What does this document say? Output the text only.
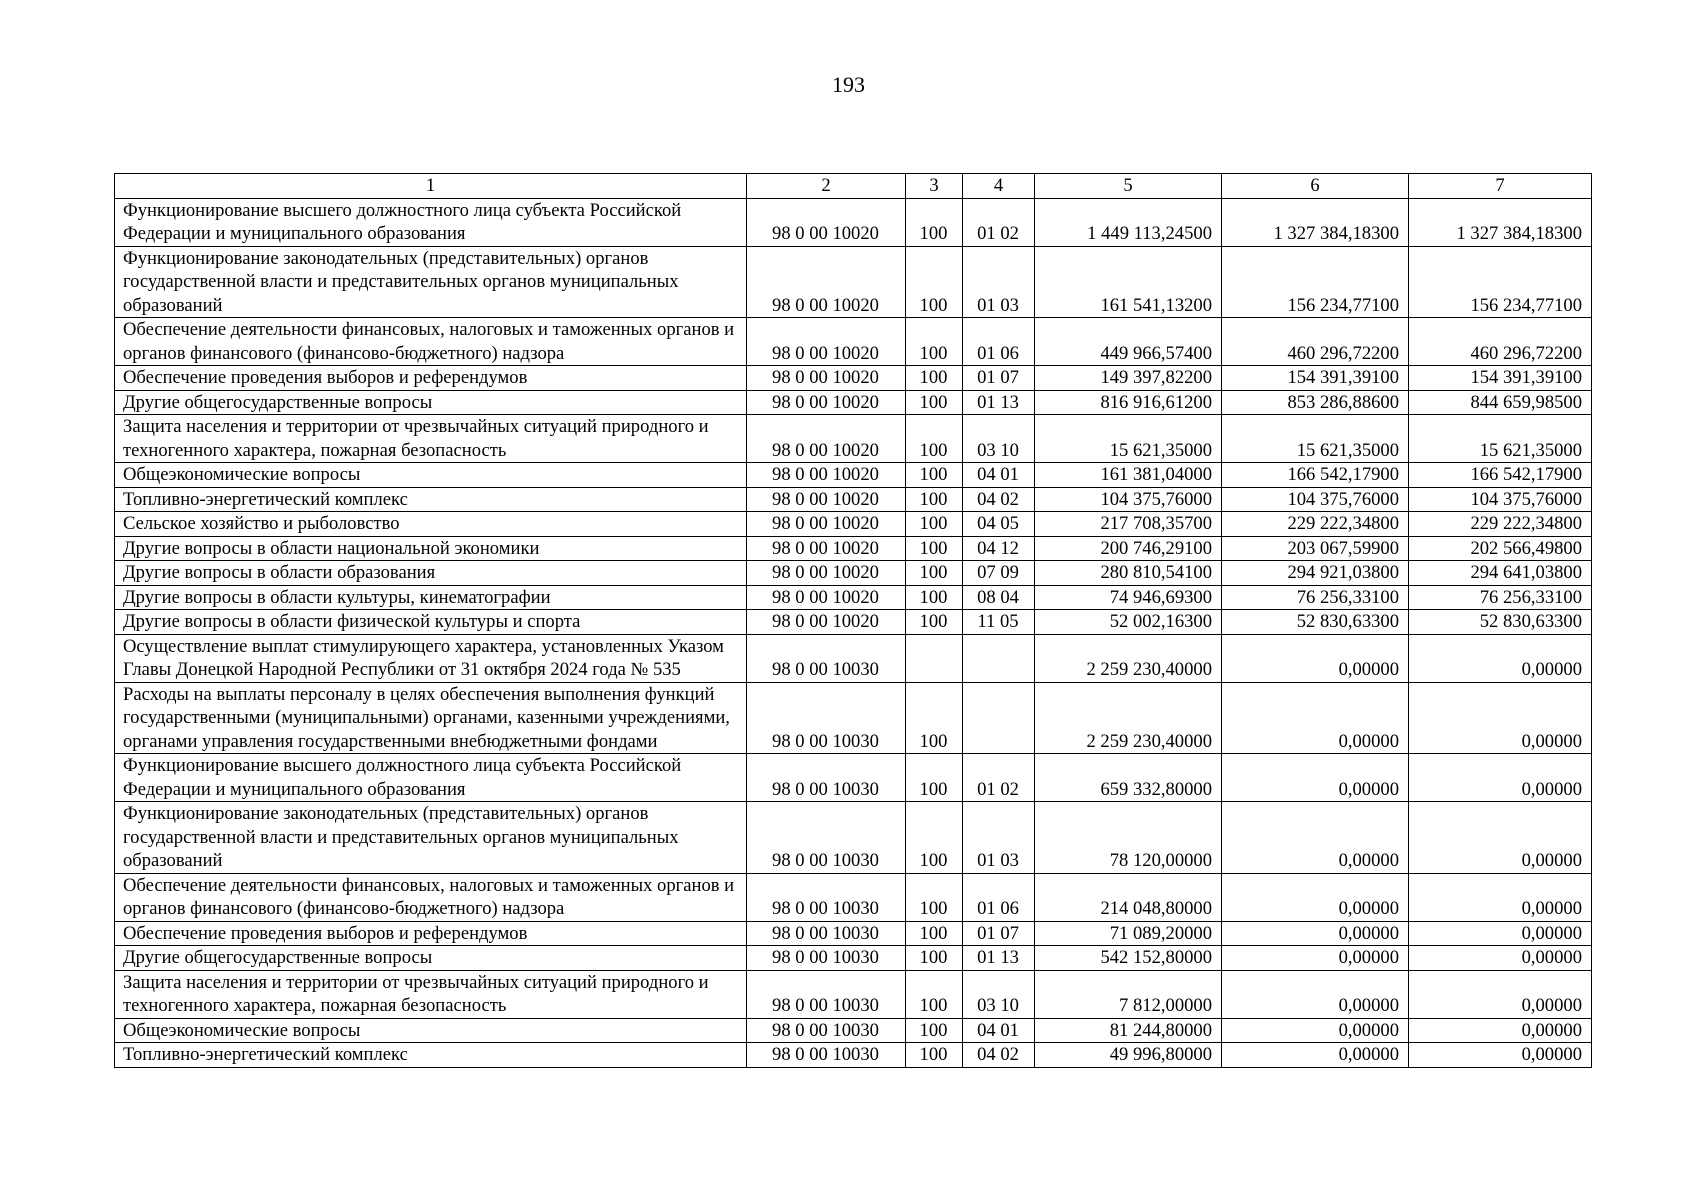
193
1	2	3	4	5	6	7
Функционирование высшего должностного лица субъекта Российской Федерации и муниципального образования	98 0 00 10020	100	01 02	1 449 113,24500	1 327 384,18300	1 327 384,18300
Функционирование законодательных (представительных) органов государственной власти и представительных органов муниципальных образований	98 0 00 10020	100	01 03	161 541,13200	156 234,77100	156 234,77100
Обеспечение деятельности финансовых, налоговых и таможенных органов и органов финансового (финансово-бюджетного) надзора	98 0 00 10020	100	01 06	449 966,57400	460 296,72200	460 296,72200
Обеспечение проведения выборов и референдумов	98 0 00 10020	100	01 07	149 397,82200	154 391,39100	154 391,39100
Другие общегосударственные вопросы	98 0 00 10020	100	01 13	816 916,61200	853 286,88600	844 659,98500
Защита населения и территории от чрезвычайных ситуаций природного и техногенного характера, пожарная безопасность	98 0 00 10020	100	03 10	15 621,35000	15 621,35000	15 621,35000
Общеэкономические вопросы	98 0 00 10020	100	04 01	161 381,04000	166 542,17900	166 542,17900
Топливно-энергетический комплекс	98 0 00 10020	100	04 02	104 375,76000	104 375,76000	104 375,76000
Сельское хозяйство и рыболовство	98 0 00 10020	100	04 05	217 708,35700	229 222,34800	229 222,34800
Другие вопросы в области национальной экономики	98 0 00 10020	100	04 12	200 746,29100	203 067,59900	202 566,49800
Другие вопросы в области образования	98 0 00 10020	100	07 09	280 810,54100	294 921,03800	294 641,03800
Другие вопросы в области культуры, кинематографии	98 0 00 10020	100	08 04	74 946,69300	76 256,33100	76 256,33100
Другие вопросы в области физической культуры и спорта	98 0 00 10020	100	11 05	52 002,16300	52 830,63300	52 830,63300
Осуществление выплат стимулирующего характера, установленных Указом Главы Донецкой Народной Республики от 31 октября 2024 года № 535	98 0 00 10030			2 259 230,40000	0,00000	0,00000
Расходы на выплаты персоналу в целях обеспечения выполнения функций государственными (муниципальными) органами, казенными учреждениями, органами управления государственными внебюджетными фондами	98 0 00 10030	100		2 259 230,40000	0,00000	0,00000
Функционирование высшего должностного лица субъекта Российской Федерации и муниципального образования	98 0 00 10030	100	01 02	659 332,80000	0,00000	0,00000
Функционирование законодательных (представительных) органов государственной власти и представительных органов муниципальных образований	98 0 00 10030	100	01 03	78 120,00000	0,00000	0,00000
Обеспечение деятельности финансовых, налоговых и таможенных органов и органов финансового (финансово-бюджетного) надзора	98 0 00 10030	100	01 06	214 048,80000	0,00000	0,00000
Обеспечение проведения выборов и референдумов	98 0 00 10030	100	01 07	71 089,20000	0,00000	0,00000
Другие общегосударственные вопросы	98 0 00 10030	100	01 13	542 152,80000	0,00000	0,00000
Защита населения и территории от чрезвычайных ситуаций природного и техногенного характера, пожарная безопасность	98 0 00 10030	100	03 10	7 812,00000	0,00000	0,00000
Общеэкономические вопросы	98 0 00 10030	100	04 01	81 244,80000	0,00000	0,00000
Топливно-энергетический комплекс	98 0 00 10030	100	04 02	49 996,80000	0,00000	0,00000
